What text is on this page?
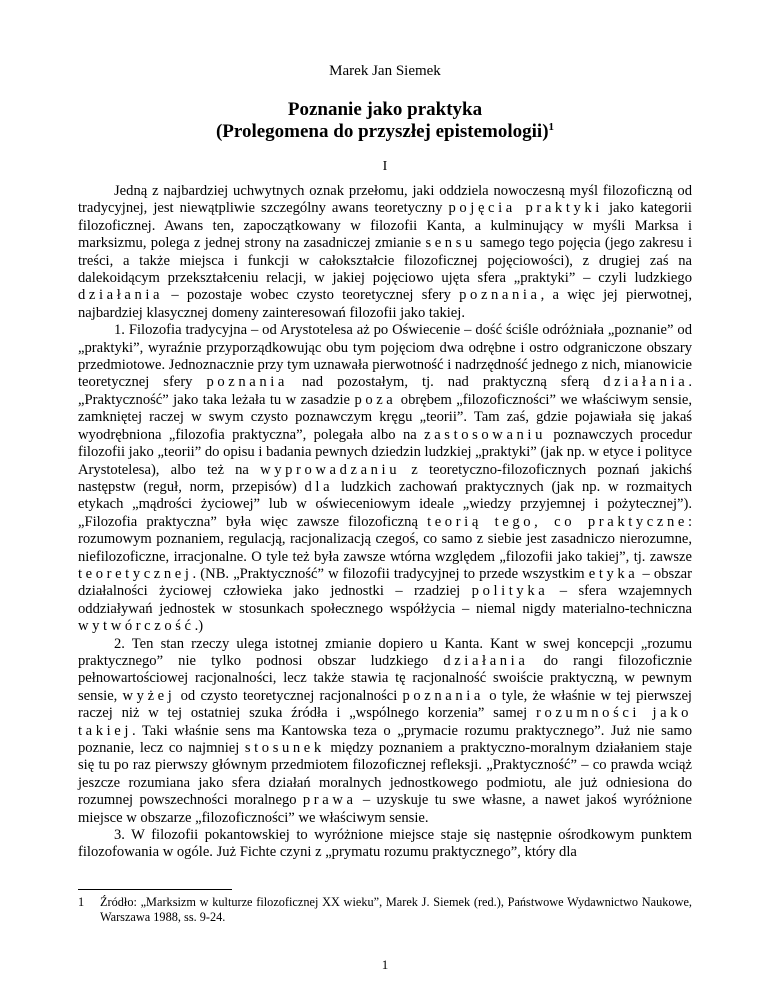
Marek Jan Siemek
Poznanie jako praktyka
(Prolegomena do przyszłej epistemologii)$^1$
I

Jedną z najbardziej uchwytnych oznak przełomu, jaki oddziela nowoczesną myśl filozoficzną od tradycyjnej, jest niewątpliwie szczególny awans teoretyczny pojęcia praktyki jako kategorii filozoficznej. Awans ten, zapoczątkowany w filozofii Kanta, a kulminujący w myśli Marksa i marksizmu, polega z jednej strony na zasadniczej zmianie sensu samego tego pojęcia (jego zakresu i treści, a także miejsca i funkcji w całokształcie filozoficznej pojęciowości), z drugiej zaś na dalekoidącym przekształceniu relacji, w jakiej pojęciowo ujęta sfera „praktyki” – czyli ludzkiego działania – pozostaje wobec czysto teoretycznej sfery poznania, a więc jej pierwotnej, najbardziej klasycznej domeny zainteresowań filozofii jako takiej.

1. Filozofia tradycyjna – od Arystotelesa aż po Oświecenie – dość ściśle odróżniała „poznanie” od „praktyki”, wyraźnie przyporządkowując obu tym pojęciom dwa odrębne i ostro odgraniczone obszary przedmiotowe. Jednoznacznie przy tym uznawała pierwotność i nadrzędność jednego z nich, mianowicie teoretycznej sfery poznania nad pozostałym, tj. nad praktyczną sferą działania. „Praktyczność” jako taka leżała tu w zasadzie poza obrębem „filozoficzności” we właściwym sensie, zamkniętej raczej w swym czysto poznawczym kręgu „teorii”. Tam zaś, gdzie pojawiała się jakaś wyodrębniona „filozofia praktyczna”, polegała albo na zastosowaniu poznawczych procedur filozofii jako „teorii” do opisu i badania pewnych dziedzin ludzkiej „praktyki” (jak np. w etyce i polityce Arystotelesa), albo też na wyprowadzaniu z teoretyczno-filozoficznych poznań jakichś następstw (reguł, norm, przepisów) dla ludzkich zachowań praktycznych (jak np. w rozmaitych etykach „mądrości życiowej” lub w oświeceniowym ideale „wiedzy przyjemnej i pożytecznej”). „Filozofia praktyczna” była więc zawsze filozoficzną teorią tego, co praktyczne: rozumowym poznaniem, regulacją, racjonalizacją czegoś, co samo z siebie jest zasadniczo nierozumne, niefilozoficzne, irracjonalne. O tyle też była zawsze wtórna względem „filozofii jako takiej”, tj. zawsze teoretycznej. (NB. „Praktyczność” w filozofii tradycyjnej to przede wszystkim etyka – obszar działalności życiowej człowieka jako jednostki – rzadziej polityka – sfera wzajemnych oddziaływań jednostek w stosunkach społecznego współżycia – niemal nigdy materialno-techniczna wytwórczość.)

2. Ten stan rzeczy ulega istotnej zmianie dopiero u Kanta. Kant w swej koncepcji „rozumu praktycznego” nie tylko podnosi obszar ludzkiego działania do rangi filozoficznie pełnowartościowej racjonalności, lecz także stawia tę racjonalność swoiście praktyczną, w pewnym sensie, wyżej od czysto teoretycznej racjonalności poznania o tyle, że właśnie w tej pierwszej raczej niż w tej ostatniej szuka źródła i „wspólnego korzenia” samej rozumności jako takiej. Taki właśnie sens ma Kantowska teza o „prymacie rozumu praktycznego”. Już nie samo poznanie, lecz co najmniej stosunek między poznaniem a praktyczno-moralnym działaniem staje się tu po raz pierwszy głównym przedmiotem filozoficznej refleksji. „Praktyczność” – co prawda wciąż jeszcze rozumiana jako sfera działań moralnych jednostkowego podmiotu, ale już odniesiona do rozumnej powszechności moralnego prawa – uzyskuje tu swe własne, a nawet jakoś wyróżnione miejsce w obszarze „filozoficzności” we właściwym sensie.

3. W filozofii pokantowskiej to wyróżnione miejsce staje się następnie ośrodkowym punktem filozofowania w ogóle. Już Fichte czyni z „prymatu rozumu praktycznego”, który dla

1	Źródło: „Marksizm w kulturze filozoficznej XX wieku”, Marek J. Siemek (red.), Państwowe Wydawnictwo Naukowe, Warszawa 1988, ss. 9-24.
1
